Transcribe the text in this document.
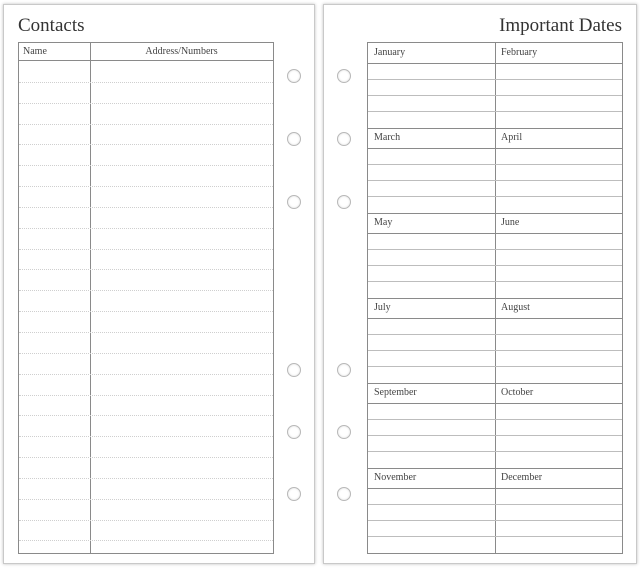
Contacts
Name	Address/Numbers
Important Dates
January	February
March	April
May	June
July	August
September	October
November	December
